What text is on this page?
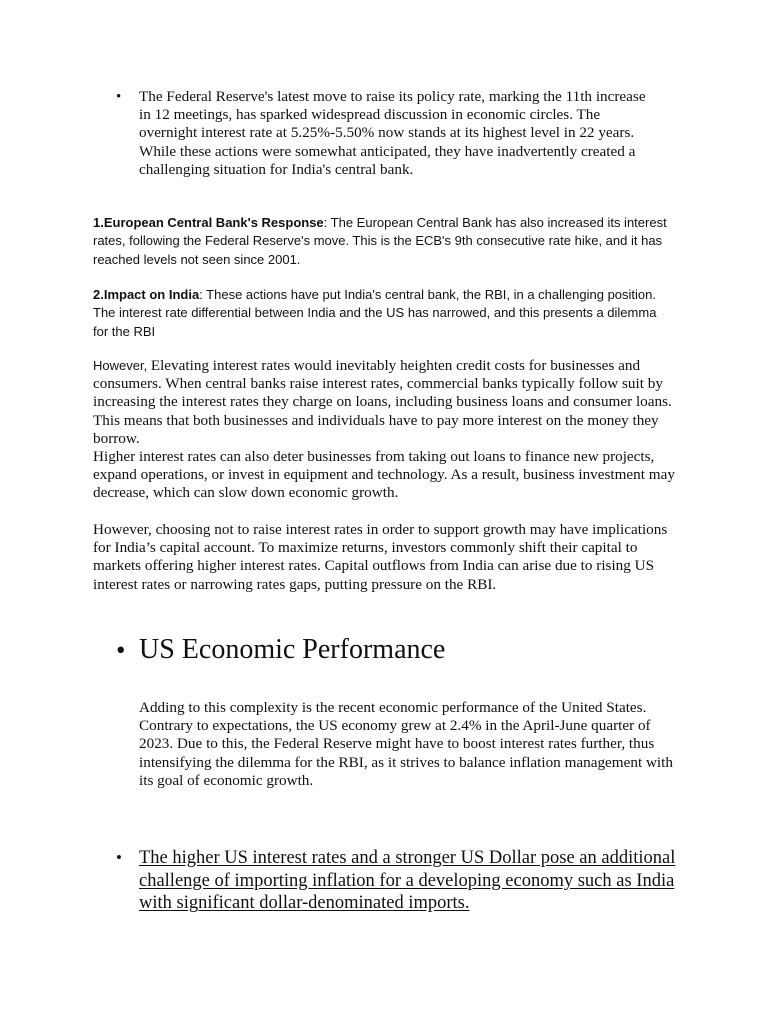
•	The Federal Reserve's latest move to raise its policy rate, marking the 11th increase in 12 meetings, has sparked widespread discussion in economic circles. The overnight interest rate at 5.25%-5.50% now stands at its highest level in 22 years. While these actions were somewhat anticipated, they have inadvertently created a challenging situation for India's central bank.
1.European Central Bank's Response: The European Central Bank has also increased its interest rates, following the Federal Reserve's move. This is the ECB's 9th consecutive rate hike, and it has reached levels not seen since 2001.
2.Impact on India: These actions have put India's central bank, the RBI, in a challenging position. The interest rate differential between India and the US has narrowed, and this presents a dilemma for the RBI
However, Elevating interest rates would inevitably heighten credit costs for businesses and consumers. When central banks raise interest rates, commercial banks typically follow suit by increasing the interest rates they charge on loans, including business loans and consumer loans. This means that both businesses and individuals have to pay more interest on the money they borrow.
Higher interest rates can also deter businesses from taking out loans to finance new projects, expand operations, or invest in equipment and technology. As a result, business investment may decrease, which can slow down economic growth.
However, choosing not to raise interest rates in order to support growth may have implications for India’s capital account. To maximize returns, investors commonly shift their capital to markets offering higher interest rates. Capital outflows from India can arise due to rising US interest rates or narrowing rates gaps, putting pressure on the RBI.
• US Economic Performance
Adding to this complexity is the recent economic performance of the United States. Contrary to expectations, the US economy grew at 2.4% in the April-June quarter of 2023. Due to this, the Federal Reserve might have to boost interest rates further, thus intensifying the dilemma for the RBI, as it strives to balance inflation management with its goal of economic growth.
• The higher US interest rates and a stronger US Dollar pose an additional challenge of importing inflation for a developing economy such as India with significant dollar-denominated imports.
